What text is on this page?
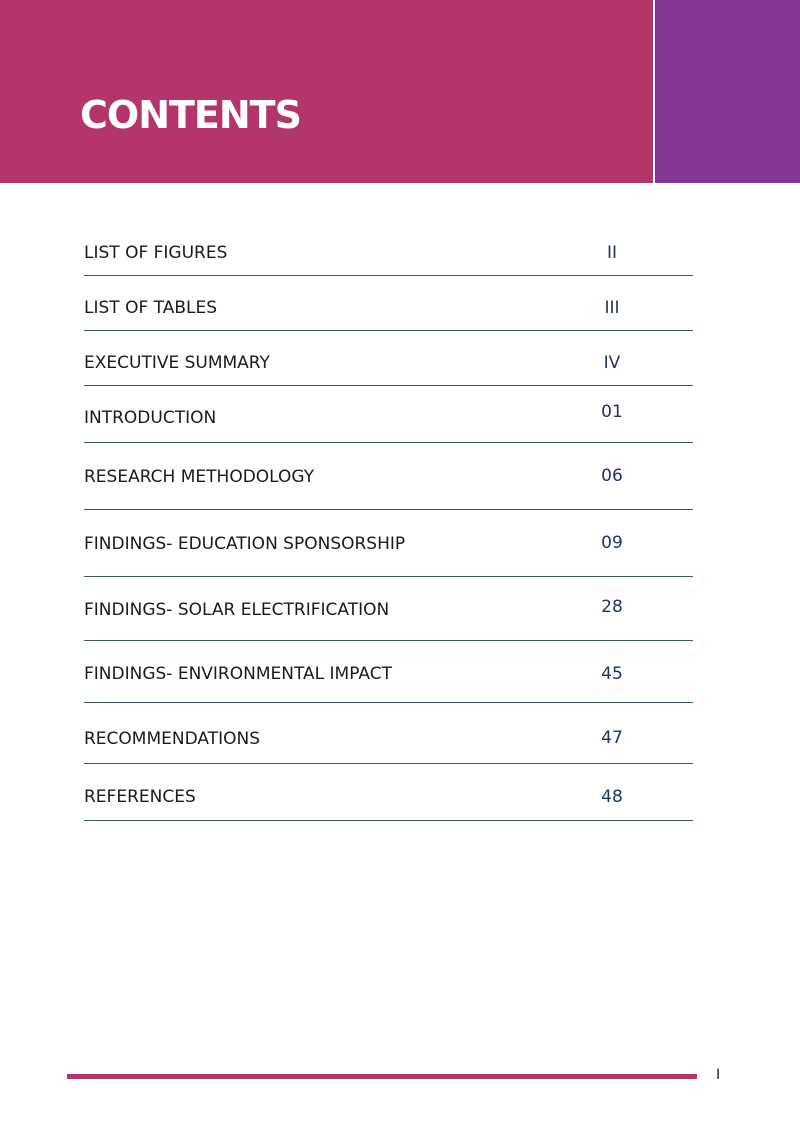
CONTENTS
LIST OF FIGURES	II
LIST OF TABLES	III
EXECUTIVE SUMMARY	IV
INTRODUCTION	01
RESEARCH METHODOLOGY	06
FINDINGS- EDUCATION SPONSORSHIP	09
FINDINGS- SOLAR ELECTRIFICATION	28
FINDINGS- ENVIRONMENTAL IMPACT	45
RECOMMENDATIONS	47
REFERENCES	48
I
